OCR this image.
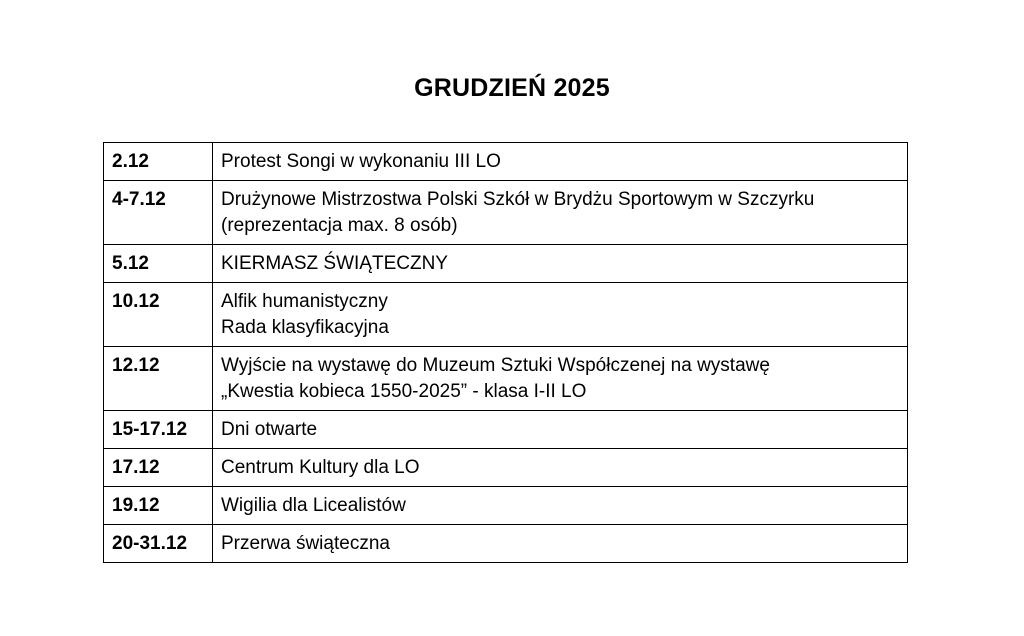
GRUDZIEŃ 2025
2.12	Protest Songi w wykonaniu III LO

4-7.12	Drużynowe Mistrzostwa Polski Szkół w Brydżu Sportowym w Szczyrku
(reprezentacja max. 8 osób)

5.12	KIERMASZ ŚWIĄTECZNY

10.12	Alfik humanistyczny
Rada klasyfikacyjna

12.12	Wyjście na wystawę do Muzeum Sztuki Współczenej na wystawę
„Kwestia kobieca 1550-2025” - klasa I-II LO

15-17.12	Dni otwarte

17.12	Centrum Kultury dla LO

19.12	Wigilia dla Licealistów

20-31.12	Przerwa świąteczna
